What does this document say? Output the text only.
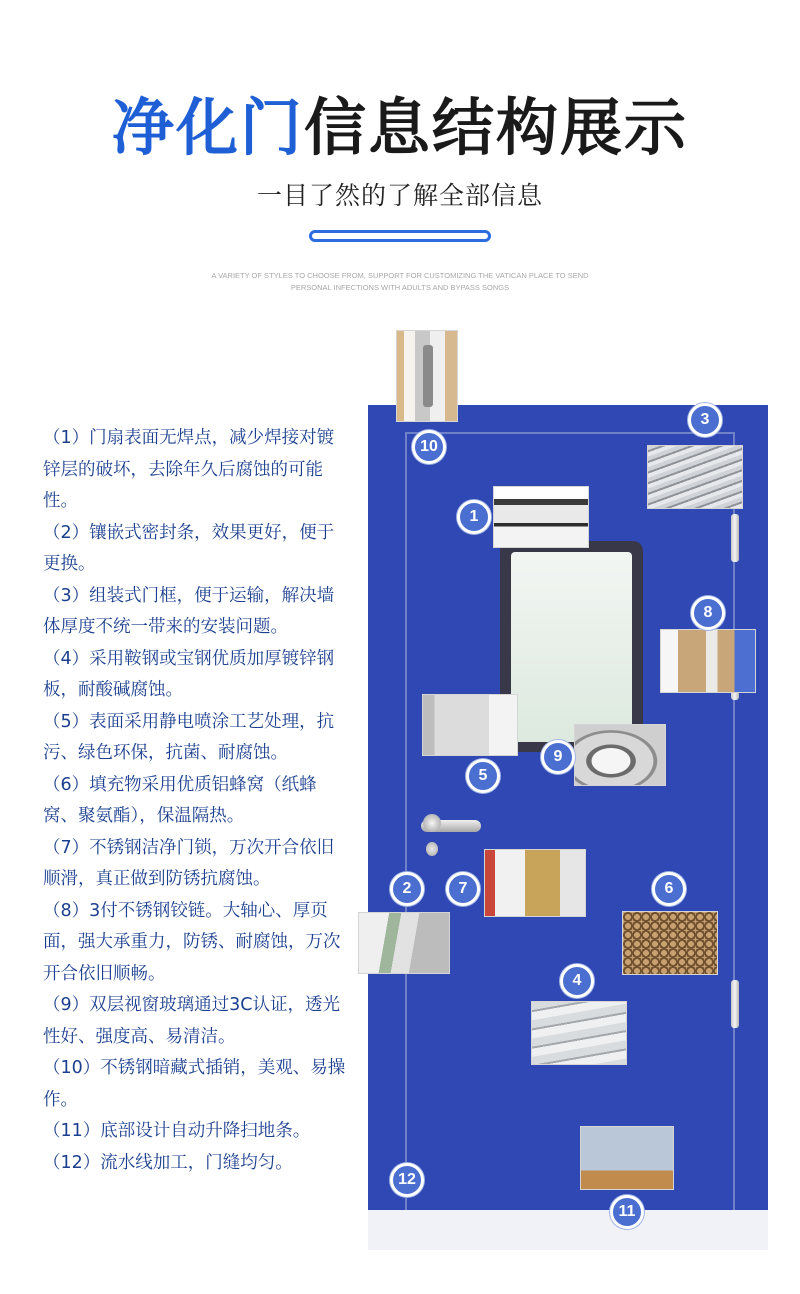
净化门信息结构展示
一目了然的了解全部信息
A VARIETY OF STYLES TO CHOOSE FROM, SUPPORT FOR CUSTOMIZING THE VATICAN PLACE TO SEND
PERSONAL INFECTIONS WITH ADULTS AND BYPASS SONGS

（1）门扇表面无焊点，减少焊接对镀锌层的破坏，去除年久后腐蚀的可能性。

（2）镶嵌式密封条，效果更好，便于更换。

（3）组装式门框，便于运输，解决墙体厚度不统一带来的安装问题。

（4）采用鞍钢或宝钢优质加厚镀锌钢板，耐酸碱腐蚀。

（5）表面采用静电喷涂工艺处理，抗污、绿色环保，抗菌、耐腐蚀。

（6）填充物采用优质铝蜂窝（纸蜂窝、聚氨酯），保温隔热。

（7）不锈钢洁净门锁，万次开合依旧顺滑，真正做到防锈抗腐蚀。

（8）3付不锈钢铰链。大轴心、厚页面，强大承重力，防锈、耐腐蚀，万次开合依旧顺畅。

（9）双层视窗玻璃通过3C认证，透光性好、强度高、易清洁。

（10）不锈钢暗藏式插销，美观、易操作。

（11）底部设计自动升降扫地条。

（12）流水线加工，门缝均匀。

1
2
3
4
5
6
7
8
9
10
11
12
